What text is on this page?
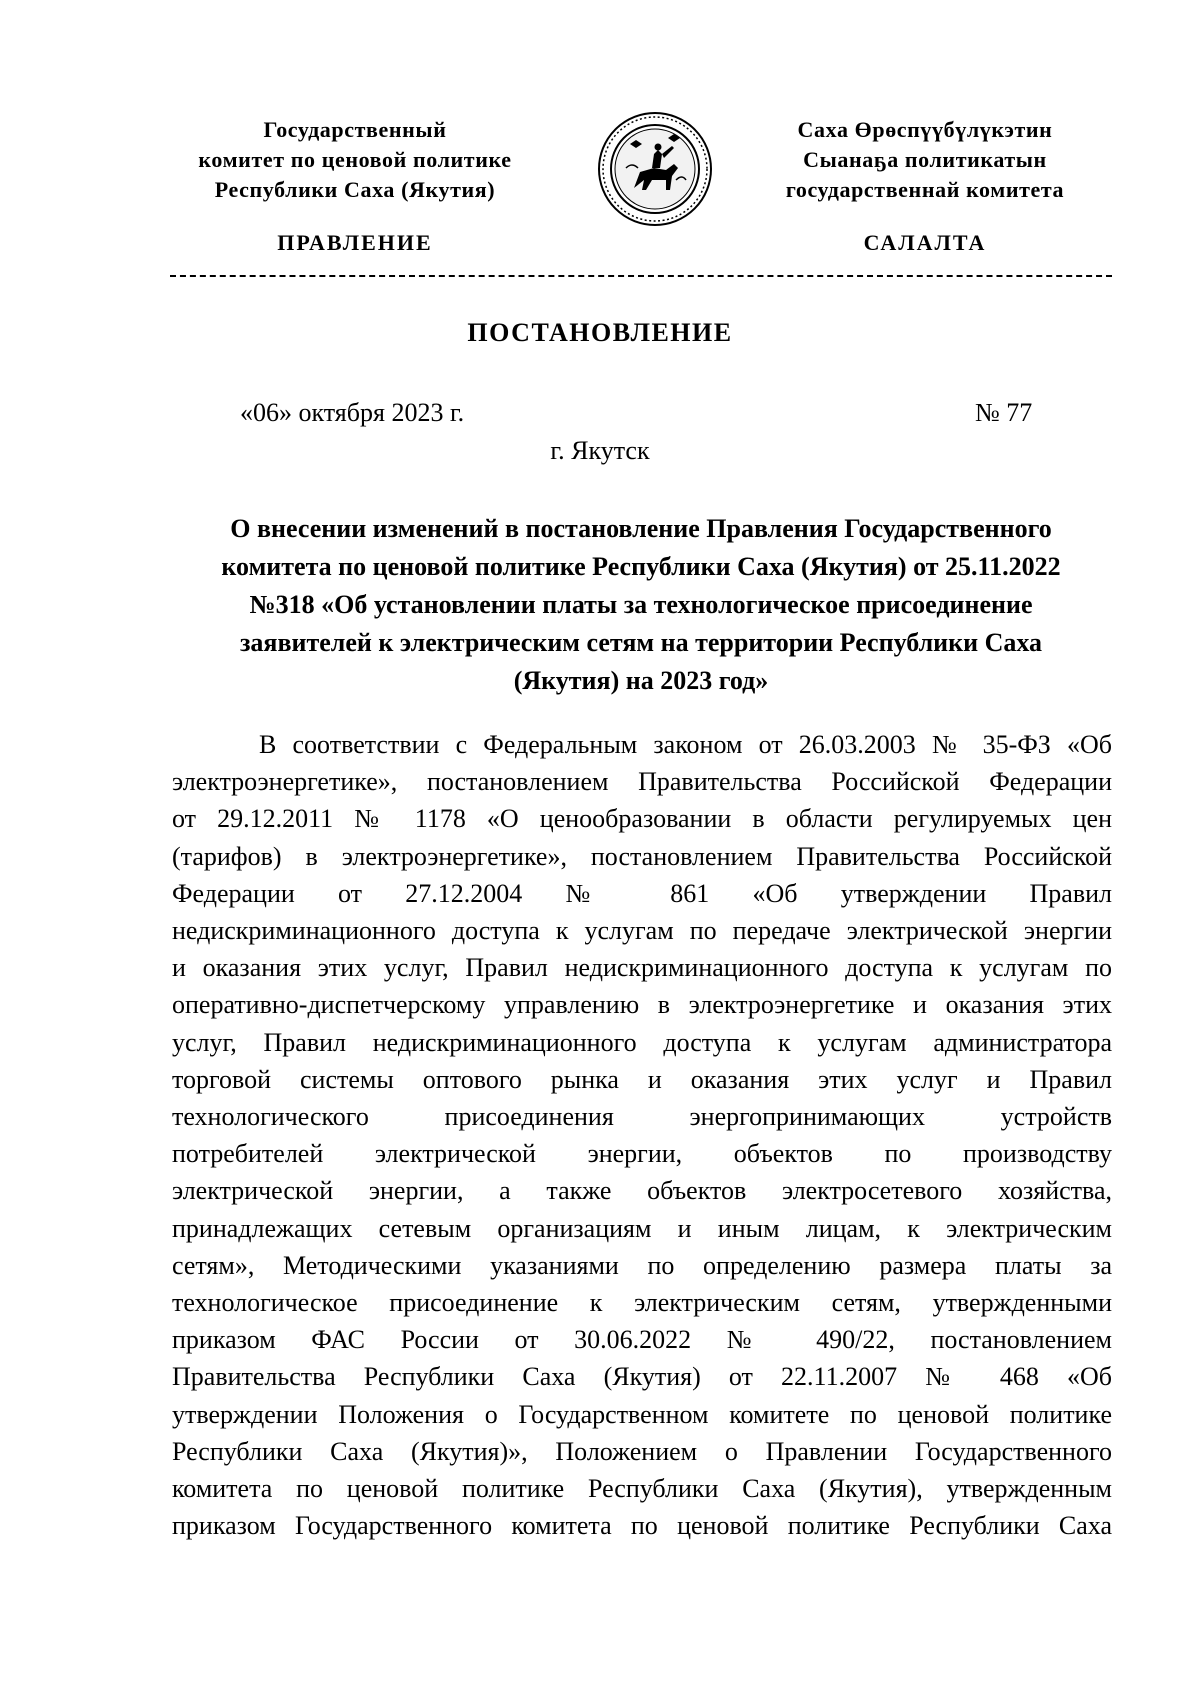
Государственный
комитет по ценовой политике
Республики Саха (Якутия)
Саха Өрөспүүбүлүкэтин
Сыанаҕа политикатын
государственнай комитета
ПРАВЛЕНИЕ	САЛАЛТА
ПОСТАНОВЛЕНИЕ
«06» октября 2023 г.	№ 77
г. Якутск
О внесении изменений в постановление Правления Государственного
комитета по ценовой политике Республики Саха (Якутия) от 25.11.2022
№318 «Об установлении платы за технологическое присоединение
заявителей к электрическим сетям на территории Республики Саха
(Якутия) на 2023 год»
В соответствии с Федеральным законом от 26.03.2003 № 35-ФЗ «Об
электроэнергетике», постановлением Правительства Российской Федерации
от 29.12.2011 № 1178 «О ценообразовании в области регулируемых цен
(тарифов) в электроэнергетике», постановлением Правительства Российской
Федерации от 27.12.2004 № 861 «Об утверждении Правил
недискриминационного доступа к услугам по передаче электрической энергии
и оказания этих услуг, Правил недискриминационного доступа к услугам по
оперативно-диспетчерскому управлению в электроэнергетике и оказания этих
услуг, Правил недискриминационного доступа к услугам администратора
торговой системы оптового рынка и оказания этих услуг и Правил
технологического присоединения энергопринимающих устройств
потребителей электрической энергии, объектов по производству
электрической энергии, а также объектов электросетевого хозяйства,
принадлежащих сетевым организациям и иным лицам, к электрическим
сетям», Методическими указаниями по определению размера платы за
технологическое присоединение к электрическим сетям, утвержденными
приказом ФАС России от 30.06.2022 № 490/22, постановлением
Правительства Республики Саха (Якутия) от 22.11.2007 № 468 «Об
утверждении Положения о Государственном комитете по ценовой политике
Республики Саха (Якутия)», Положением о Правлении Государственного
комитета по ценовой политике Республики Саха (Якутия), утвержденным
приказом Государственного комитета по ценовой политике Республики Саха
